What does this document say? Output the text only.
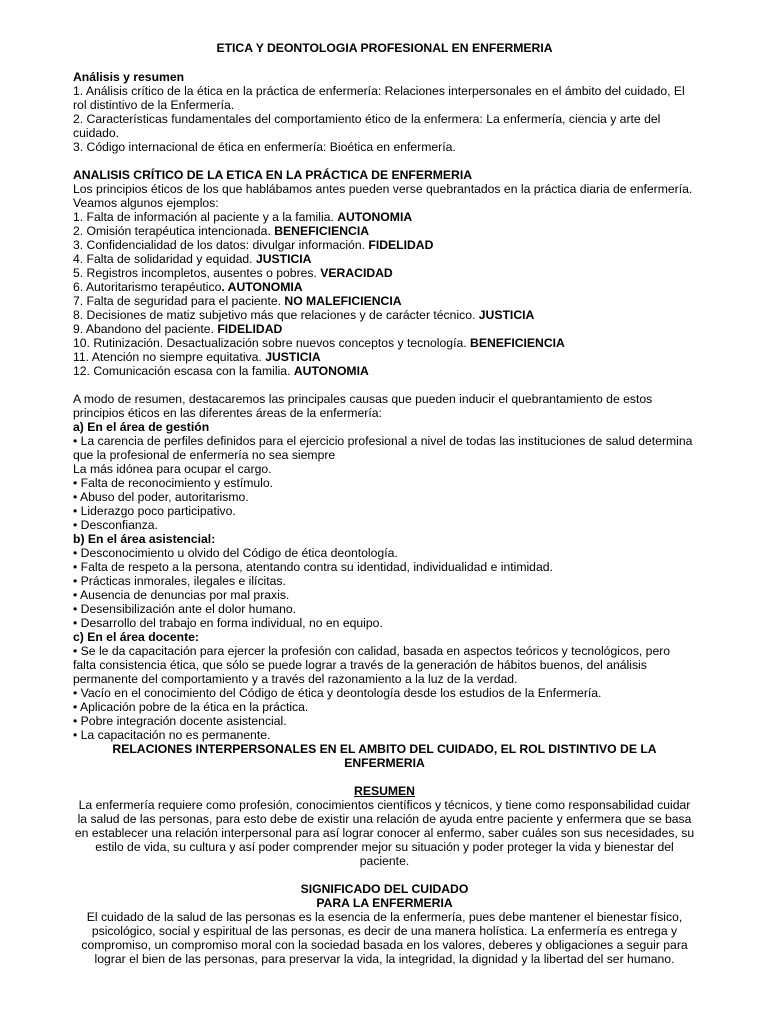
ETICA Y DEONTOLOGIA PROFESIONAL EN ENFERMERIA

Análisis y resumen

1. Análisis crítico de la ética en la práctica de enfermería: Relaciones interpersonales en el ámbito del cuidado, El rol distintivo de la Enfermería.

2. Características fundamentales del comportamiento ético de la enfermera: La enfermería, ciencia y arte del cuidado.

3. Código internacional de ética en enfermería: Bioética en enfermería.

ANALISIS CRÍTICO DE LA ETICA EN LA PRÁCTICA DE ENFERMERIA

Los principios éticos de los que hablábamos antes pueden verse quebrantados en la práctica diaria de enfermería. Veamos algunos ejemplos:

1. Falta de información al paciente y a la familia. AUTONOMIA

2. Omisión terapéutica intencionada. BENEFICIENCIA

3. Confidencialidad de los datos: divulgar información. FIDELIDAD

4. Falta de solidaridad y equidad. JUSTICIA

5. Registros incompletos, ausentes o pobres. VERACIDAD

6. Autoritarismo terapéutico. AUTONOMIA

7. Falta de seguridad para el paciente. NO MALEFICIENCIA

8. Decisiones de matiz subjetivo más que relaciones y de carácter técnico. JUSTICIA

9. Abandono del paciente. FIDELIDAD

10. Rutinización. Desactualización sobre nuevos conceptos y tecnología. BENEFICIENCIA

11. Atención no siempre equitativa. JUSTICIA

12. Comunicación escasa con la familia. AUTONOMIA

A modo de resumen, destacaremos las principales causas que pueden inducir el quebrantamiento de estos principios éticos en las diferentes áreas de la enfermería:

a) En el área de gestión

• La carencia de perfiles definidos para el ejercicio profesional a nivel de todas las instituciones de salud determina que la profesional de enfermería no sea siempre

La más idónea para ocupar el cargo.

• Falta de reconocimiento y estímulo.

• Abuso del poder, autoritarismo.

• Liderazgo poco participativo.

• Desconfianza.

b) En el área asistencial:

• Desconocimiento u olvido del Código de ética deontología.

• Falta de respeto a la persona, atentando contra su identidad, individualidad e intimidad.

• Prácticas inmorales, ilegales e ilícitas.

• Ausencia de denuncias por mal praxis.

• Desensibilización ante el dolor humano.

• Desarrollo del trabajo en forma individual, no en equipo.

c) En el área docente:

• Se le da capacitación para ejercer la profesión con calidad, basada en aspectos teóricos y tecnológicos, pero falta consistencia ética, que sólo se puede lograr a través de la generación de hábitos buenos, del análisis permanente del comportamiento y a través del razonamiento a la luz de la verdad.

• Vacío en el conocimiento del Código de ética y deontología desde los estudios de la Enfermería.

• Aplicación pobre de la ética en la práctica.

• Pobre integración docente asistencial.

• La capacitación no es permanente.

RELACIONES INTERPERSONALES EN EL AMBITO DEL CUIDADO, EL ROL DISTINTIVO DE LA ENFERMERIA

RESUMEN

La enfermería requiere como profesión, conocimientos científicos y técnicos, y tiene como responsabilidad cuidar la salud de las personas, para esto debe de existir una relación de ayuda entre paciente y enfermera que se basa en establecer una relación interpersonal para así lograr conocer al enfermo, saber cuáles son sus necesidades, su estilo de vida, su cultura y así poder comprender mejor su situación y poder proteger la vida y bienestar del paciente.

SIGNIFICADO DEL CUIDADO

PARA LA ENFERMERIA

El cuidado de la salud de las personas es la esencia de la enfermería, pues debe mantener el bienestar físico, psicológico, social y espiritual de las personas, es decir de una manera holística. La enfermería es entrega y compromiso, un compromiso moral con la sociedad basada en los valores, deberes y obligaciones a seguir para lograr el bien de las personas, para preservar la vida, la integridad, la dignidad y la libertad del ser humano.
